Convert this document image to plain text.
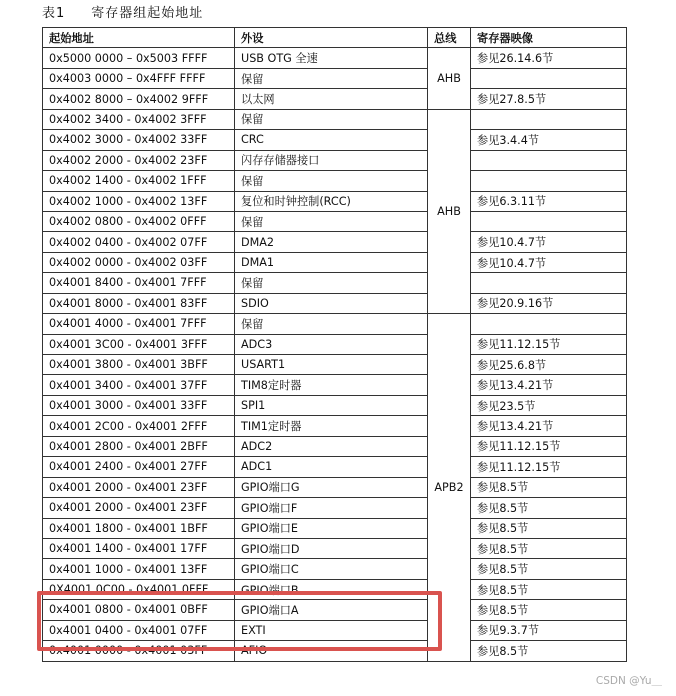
表1 寄存器组起始地址
起始地址	外设	总线	寄存器映像
0x5000 0000 – 0x5003 FFFF	USB OTG 全速	AHB	参见26.14.6节
0x4003 0000 – 0x4FFF FFFF	保留		
0x4002 8000 – 0x4002 9FFF	以太网		参见27.8.5节
0x4002 3400 - 0x4002 3FFF	保留	AHB	
0x4002 3000 - 0x4002 33FF	CRC		参见3.4.4节
0x4002 2000 - 0x4002 23FF	闪存存储器接口		
0x4002 1400 - 0x4002 1FFF	保留		
0x4002 1000 - 0x4002 13FF	复位和时钟控制(RCC)		参见6.3.11节
0x4002 0800 - 0x4002 0FFF	保留		
0x4002 0400 - 0x4002 07FF	DMA2		参见10.4.7节
0x4002 0000 - 0x4002 03FF	DMA1		参见10.4.7节
0x4001 8400 - 0x4001 7FFF	保留		
0x4001 8000 - 0x4001 83FF	SDIO		参见20.9.16节
0x4001 4000 - 0x4001 7FFF	保留	APB2	
0x4001 3C00 - 0x4001 3FFF	ADC3		参见11.12.15节
0x4001 3800 - 0x4001 3BFF	USART1		参见25.6.8节
0x4001 3400 - 0x4001 37FF	TIM8定时器		参见13.4.21节
0x4001 3000 - 0x4001 33FF	SPI1		参见23.5节
0x4001 2C00 - 0x4001 2FFF	TIM1定时器		参见13.4.21节
0x4001 2800 - 0x4001 2BFF	ADC2		参见11.12.15节
0x4001 2400 - 0x4001 27FF	ADC1		参见11.12.15节
0x4001 2000 - 0x4001 23FF	GPIO端口G		参见8.5节
0x4001 2000 - 0x4001 23FF	GPIO端口F		参见8.5节
0x4001 1800 - 0x4001 1BFF	GPIO端口E		参见8.5节
0x4001 1400 - 0x4001 17FF	GPIO端口D		参见8.5节
0x4001 1000 - 0x4001 13FF	GPIO端口C		参见8.5节
0X4001 0C00 - 0x4001 0FFF	GPIO端口B		参见8.5节
0x4001 0800 - 0x4001 0BFF	GPIO端口A		参见8.5节
0x4001 0400 - 0x4001 07FF	EXTI		参见9.3.7节
0x4001 0000 - 0x4001 03FF	AFIO		参见8.5节
CSDN @Yu＿
